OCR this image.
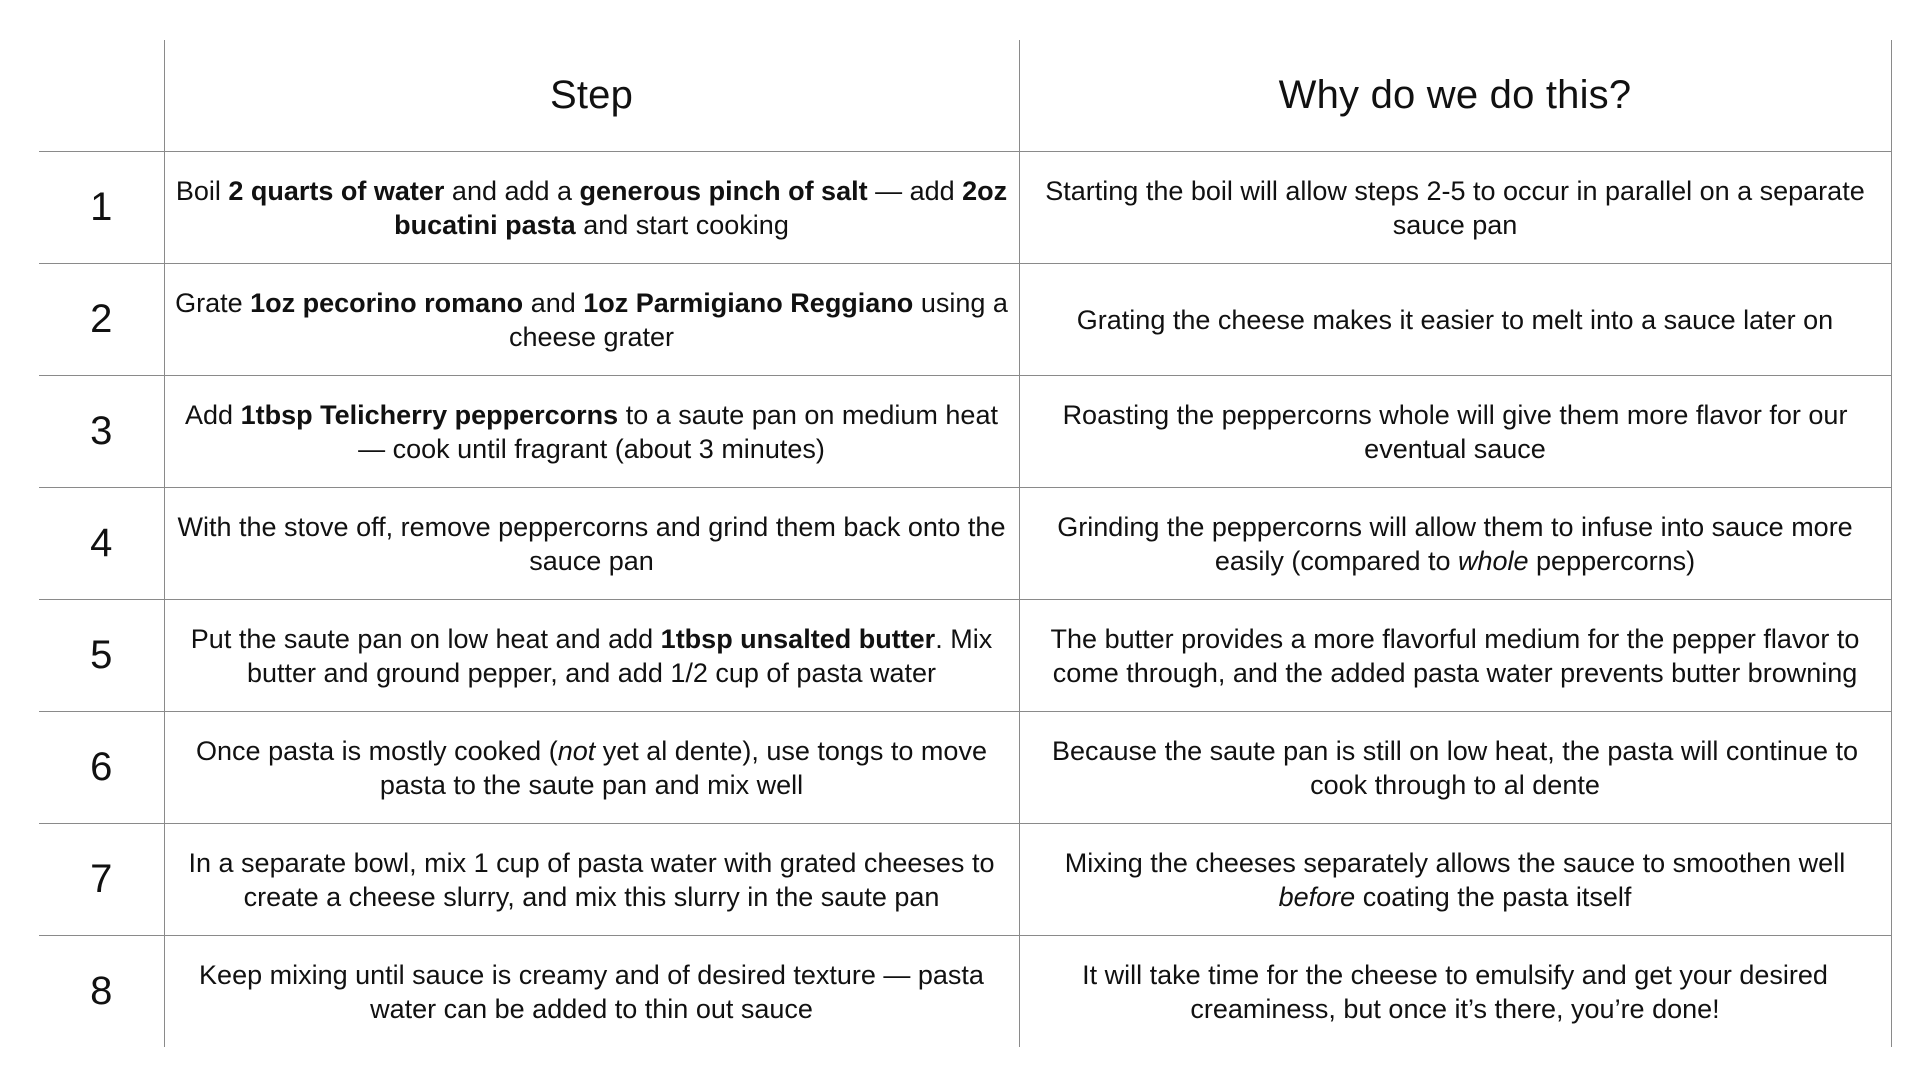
	Step	Why do we do this?
1	Boil 2 quarts of water and add a generous pinch of salt — add 2oz bucatini pasta and start cooking	Starting the boil will allow steps 2-5 to occur in parallel on a separate sauce pan
2	Grate 1oz pecorino romano and 1oz Parmigiano Reggiano using a cheese grater	Grating the cheese makes it easier to melt into a sauce later on
3	Add 1tbsp Telicherry peppercorns to a saute pan on medium heat — cook until fragrant (about 3 minutes)	Roasting the peppercorns whole will give them more flavor for our eventual sauce
4	With the stove off, remove peppercorns and grind them back onto the sauce pan	Grinding the peppercorns will allow them to infuse into sauce more easily (compared to whole peppercorns)
5	Put the saute pan on low heat and add 1tbsp unsalted butter. Mix butter and ground pepper, and add 1/2 cup of pasta water	The butter provides a more flavorful medium for the pepper flavor to come through, and the added pasta water prevents butter browning
6	Once pasta is mostly cooked (not yet al dente), use tongs to move pasta to the saute pan and mix well	Because the saute pan is still on low heat, the pasta will continue to cook through to al dente
7	In a separate bowl, mix 1 cup of pasta water with grated cheeses to create a cheese slurry, and mix this slurry in the saute pan	Mixing the cheeses separately allows the sauce to smoothen well before coating the pasta itself
8	Keep mixing until sauce is creamy and of desired texture — pasta water can be added to thin out sauce	It will take time for the cheese to emulsify and get your desired creaminess, but once it’s there, you’re done!
